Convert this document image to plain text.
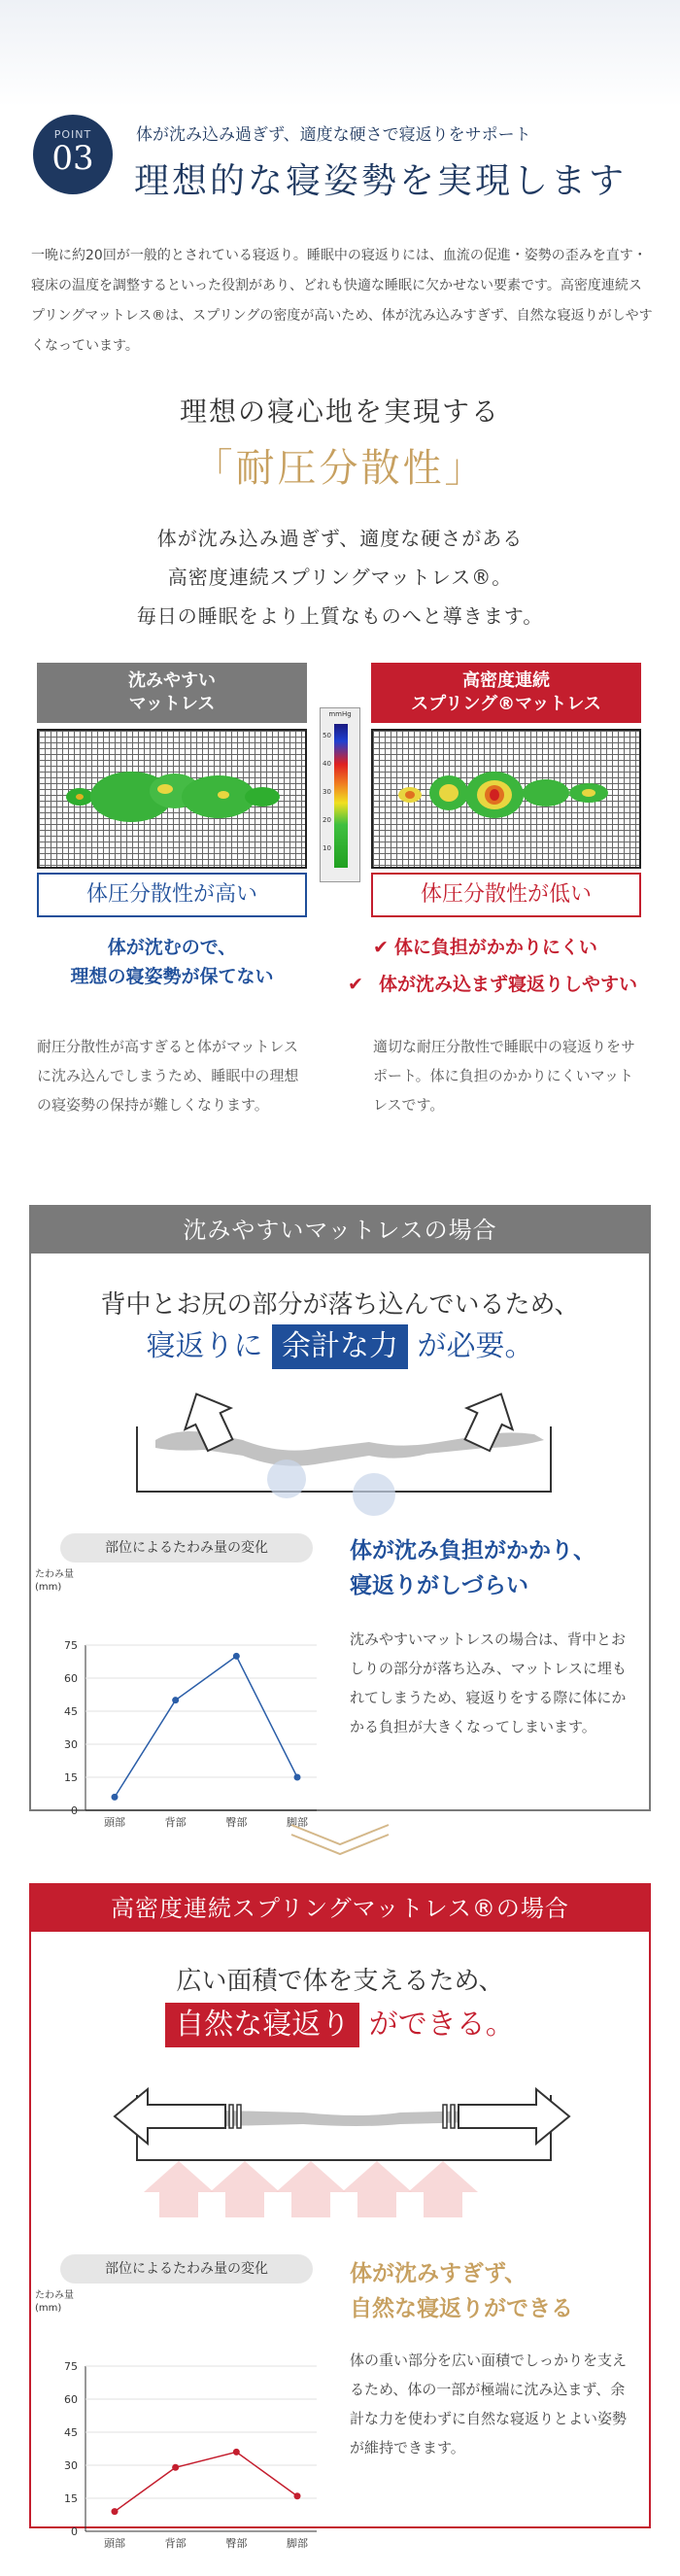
POINT
03
体が沈み込み過ぎず、適度な硬さで寝返りをサポート
理想的な寝姿勢を実現します

一晩に約20回が一般的とされている寝返り。睡眠中の寝返りには、血流の促進・姿勢の歪みを直す・寝床の温度を調整するといった役割があり、どれも快適な睡眠に欠かせない要素です。高密度連続スプリングマットレス®は、スプリングの密度が高いため、体が沈み込みすぎず、自然な寝返りがしやすくなっています。

理想の寝心地を実現する
「耐圧分散性」
体が沈み込み過ぎず、適度な硬さがある
高密度連続スプリングマットレス®。
毎日の睡眠をより上質なものへと導きます。
沈みやすい
マットレス
体圧分散性が高い
mmHg
50
40
30
20
10
高密度連続
スプリング®マットレス
体圧分散性が低い
体が沈むので、
理想の寝姿勢が保てない
✔ 体に負担がかかりにくい
✔ 体が沈み込まず寝返りしやすい

耐圧分散性が高すぎると体がマットレスに沈み込んでしまうため、睡眠中の理想の寝姿勢の保持が難しくなります。

適切な耐圧分散性で睡眠中の寝返りをサポート。体に負担のかかりにくいマットレスです。

沈みやすいマットレスの場合
背中とお尻の部分が落ち込んでいるため、
寝返りに 余計な力 が必要。
部位によるたわみ量の変化
たわみ量
(mm)
75
60
45
30
15
0
頭部	背部	臀部	脚部
体が沈み負担がかかり、
寝返りがしづらい

沈みやすいマットレスの場合は、背中とおしりの部分が落ち込み、マットレスに埋もれてしまうため、寝返りをする際に体にかかる負担が大きくなってしまいます。

高密度連続スプリングマットレス®の場合
広い面積で体を支えるため、
自然な寝返り ができる。
部位によるたわみ量の変化
たわみ量
(mm)
75
60
45
30
15
0
頭部	背部	臀部	脚部
体が沈みすぎず、
自然な寝返りができる

体の重い部分を広い面積でしっかりを支えるため、体の一部が極端に沈み込まず、余計な力を使わずに自然な寝返りとよい姿勢が維持できます。
